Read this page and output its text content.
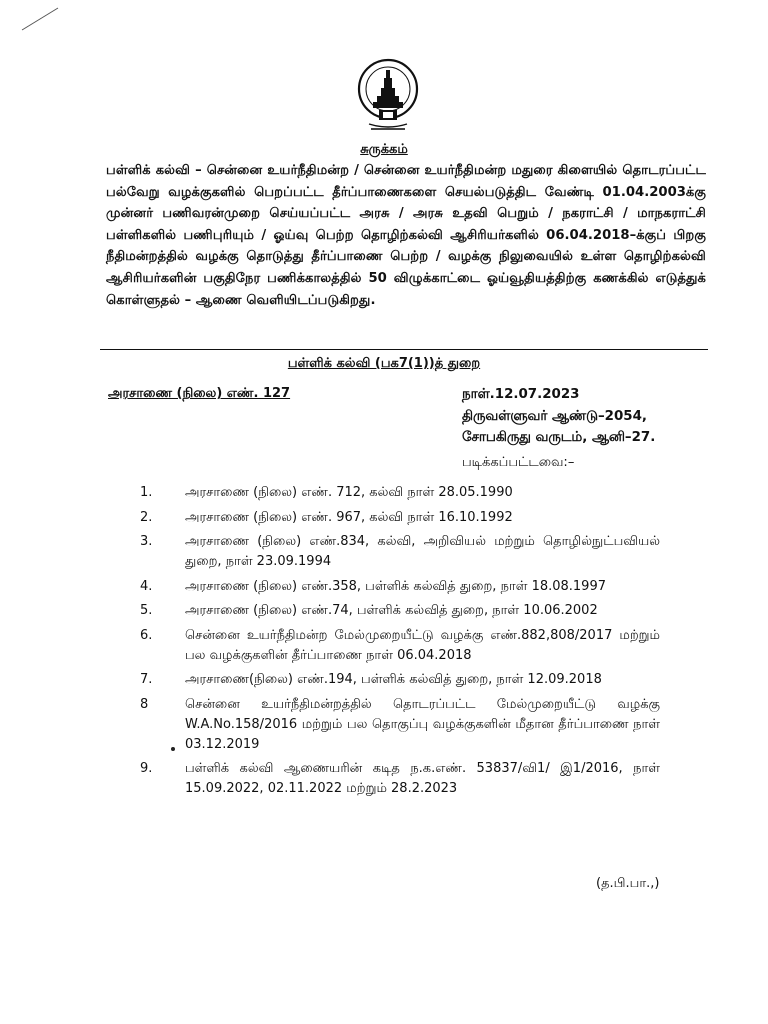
சுருக்கம்
பள்ளிக் கல்வி – சென்னை உயர்நீதிமன்ற / சென்னை உயர்நீதிமன்ற மதுரை கிளையில் தொடரப்பட்ட பல்வேறு வழக்குகளில் பெறப்பட்ட தீர்ப்பாணைகளை செயல்படுத்திட வேண்டி 01.04.2003க்கு முன்னர் பணிவரன்முறை செய்யப்பட்ட அரசு / அரசு உதவி பெறும் / நகராட்சி / மாநகராட்சி பள்ளிகளில் பணிபுரியும் / ஓய்வு பெற்ற தொழிற்கல்வி ஆசிரியர்களில் 06.04.2018–க்குப் பிறகு நீதிமன்றத்தில் வழக்கு தொடுத்து தீர்ப்பாணை பெற்ற / வழக்கு நிலுவையில் உள்ள தொழிற்கல்வி ஆசிரியர்களின் பகுதிநேர பணிக்காலத்தில் 50 விழுக்காட்டை ஓய்வூதியத்திற்கு கணக்கில் எடுத்துக் கொள்ளுதல் – ஆணை வெளியிடப்படுகிறது.
பள்ளிக் கல்வி (பக7(1))த் துறை
அரசாணை (நிலை) எண். 127	நாள்.12.07.2023
திருவள்ளுவர் ஆண்டு–2054,
சோபகிருது வருடம், ஆனி–27.
படிக்கப்பட்டவை:–
1.	அரசாணை (நிலை) எண். 712, கல்வி நாள் 28.05.1990
2.	அரசாணை (நிலை) எண். 967, கல்வி நாள் 16.10.1992
3.	அரசாணை (நிலை) எண்.834, கல்வி, அறிவியல் மற்றும் தொழில்நுட்பவியல் துறை, நாள் 23.09.1994
4.	அரசாணை (நிலை) எண்.358, பள்ளிக் கல்வித் துறை, நாள் 18.08.1997
5.	அரசாணை (நிலை) எண்.74, பள்ளிக் கல்வித் துறை, நாள் 10.06.2002
6.	சென்னை உயர்நீதிமன்ற மேல்முறையீட்டு வழக்கு எண்.882,808/2017 மற்றும் பல வழக்குகளின் தீர்ப்பாணை நாள் 06.04.2018
7.	அரசாணை(நிலை) எண்.194, பள்ளிக் கல்வித் துறை, நாள் 12.09.2018
8	சென்னை உயர்நீதிமன்றத்தில் தொடரப்பட்ட மேல்முறையீட்டு வழக்கு W.A.No.158/2016 மற்றும் பல தொகுப்பு வழக்குகளின் மீதான தீர்ப்பாணை நாள் 03.12.2019
9.	பள்ளிக் கல்வி ஆணையரின் கடித ந.க.எண். 53837/வி1/ இ1/2016, நாள் 15.09.2022, 02.11.2022 மற்றும் 28.2.2023
(த.பி.பா.,)
